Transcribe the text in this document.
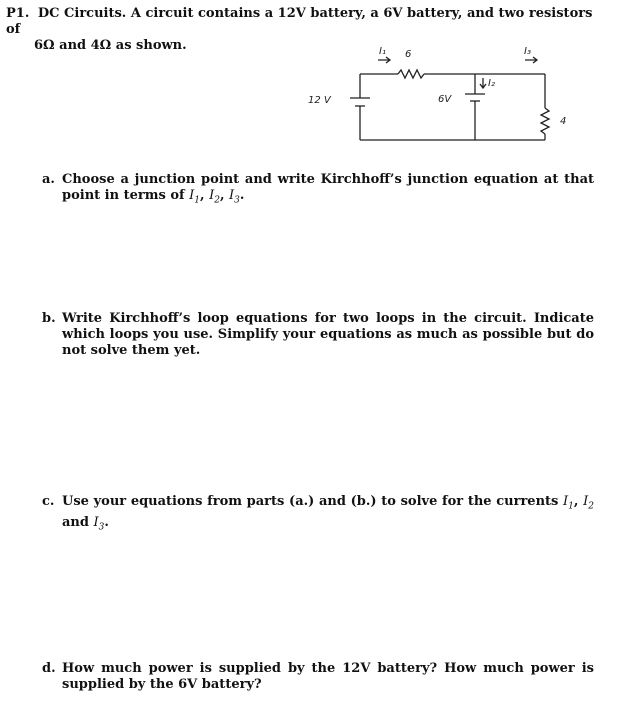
P1. DC Circuits. A circuit contains a 12V battery, a 6V battery, and two resistors of
6Ω and 4Ω as shown.	I₁ 6
I₂
I₃
12 V	6V
4
a. Choose a junction point and write Kirchhoff’s junction equation at that point in terms of $I_1$, $I_2$, $I_3$.
b. Write Kirchhoff’s loop equations for two loops in the circuit. Indicate which loops you use. Simplify your equations as much as possible but do not solve them yet.
c. Use your equations from parts (a.) and (b.) to solve for the currents $I_1$, $I_2$ and $I_3$.
d. How much power is supplied by the 12V battery? How much power is supplied by the 6V battery?
